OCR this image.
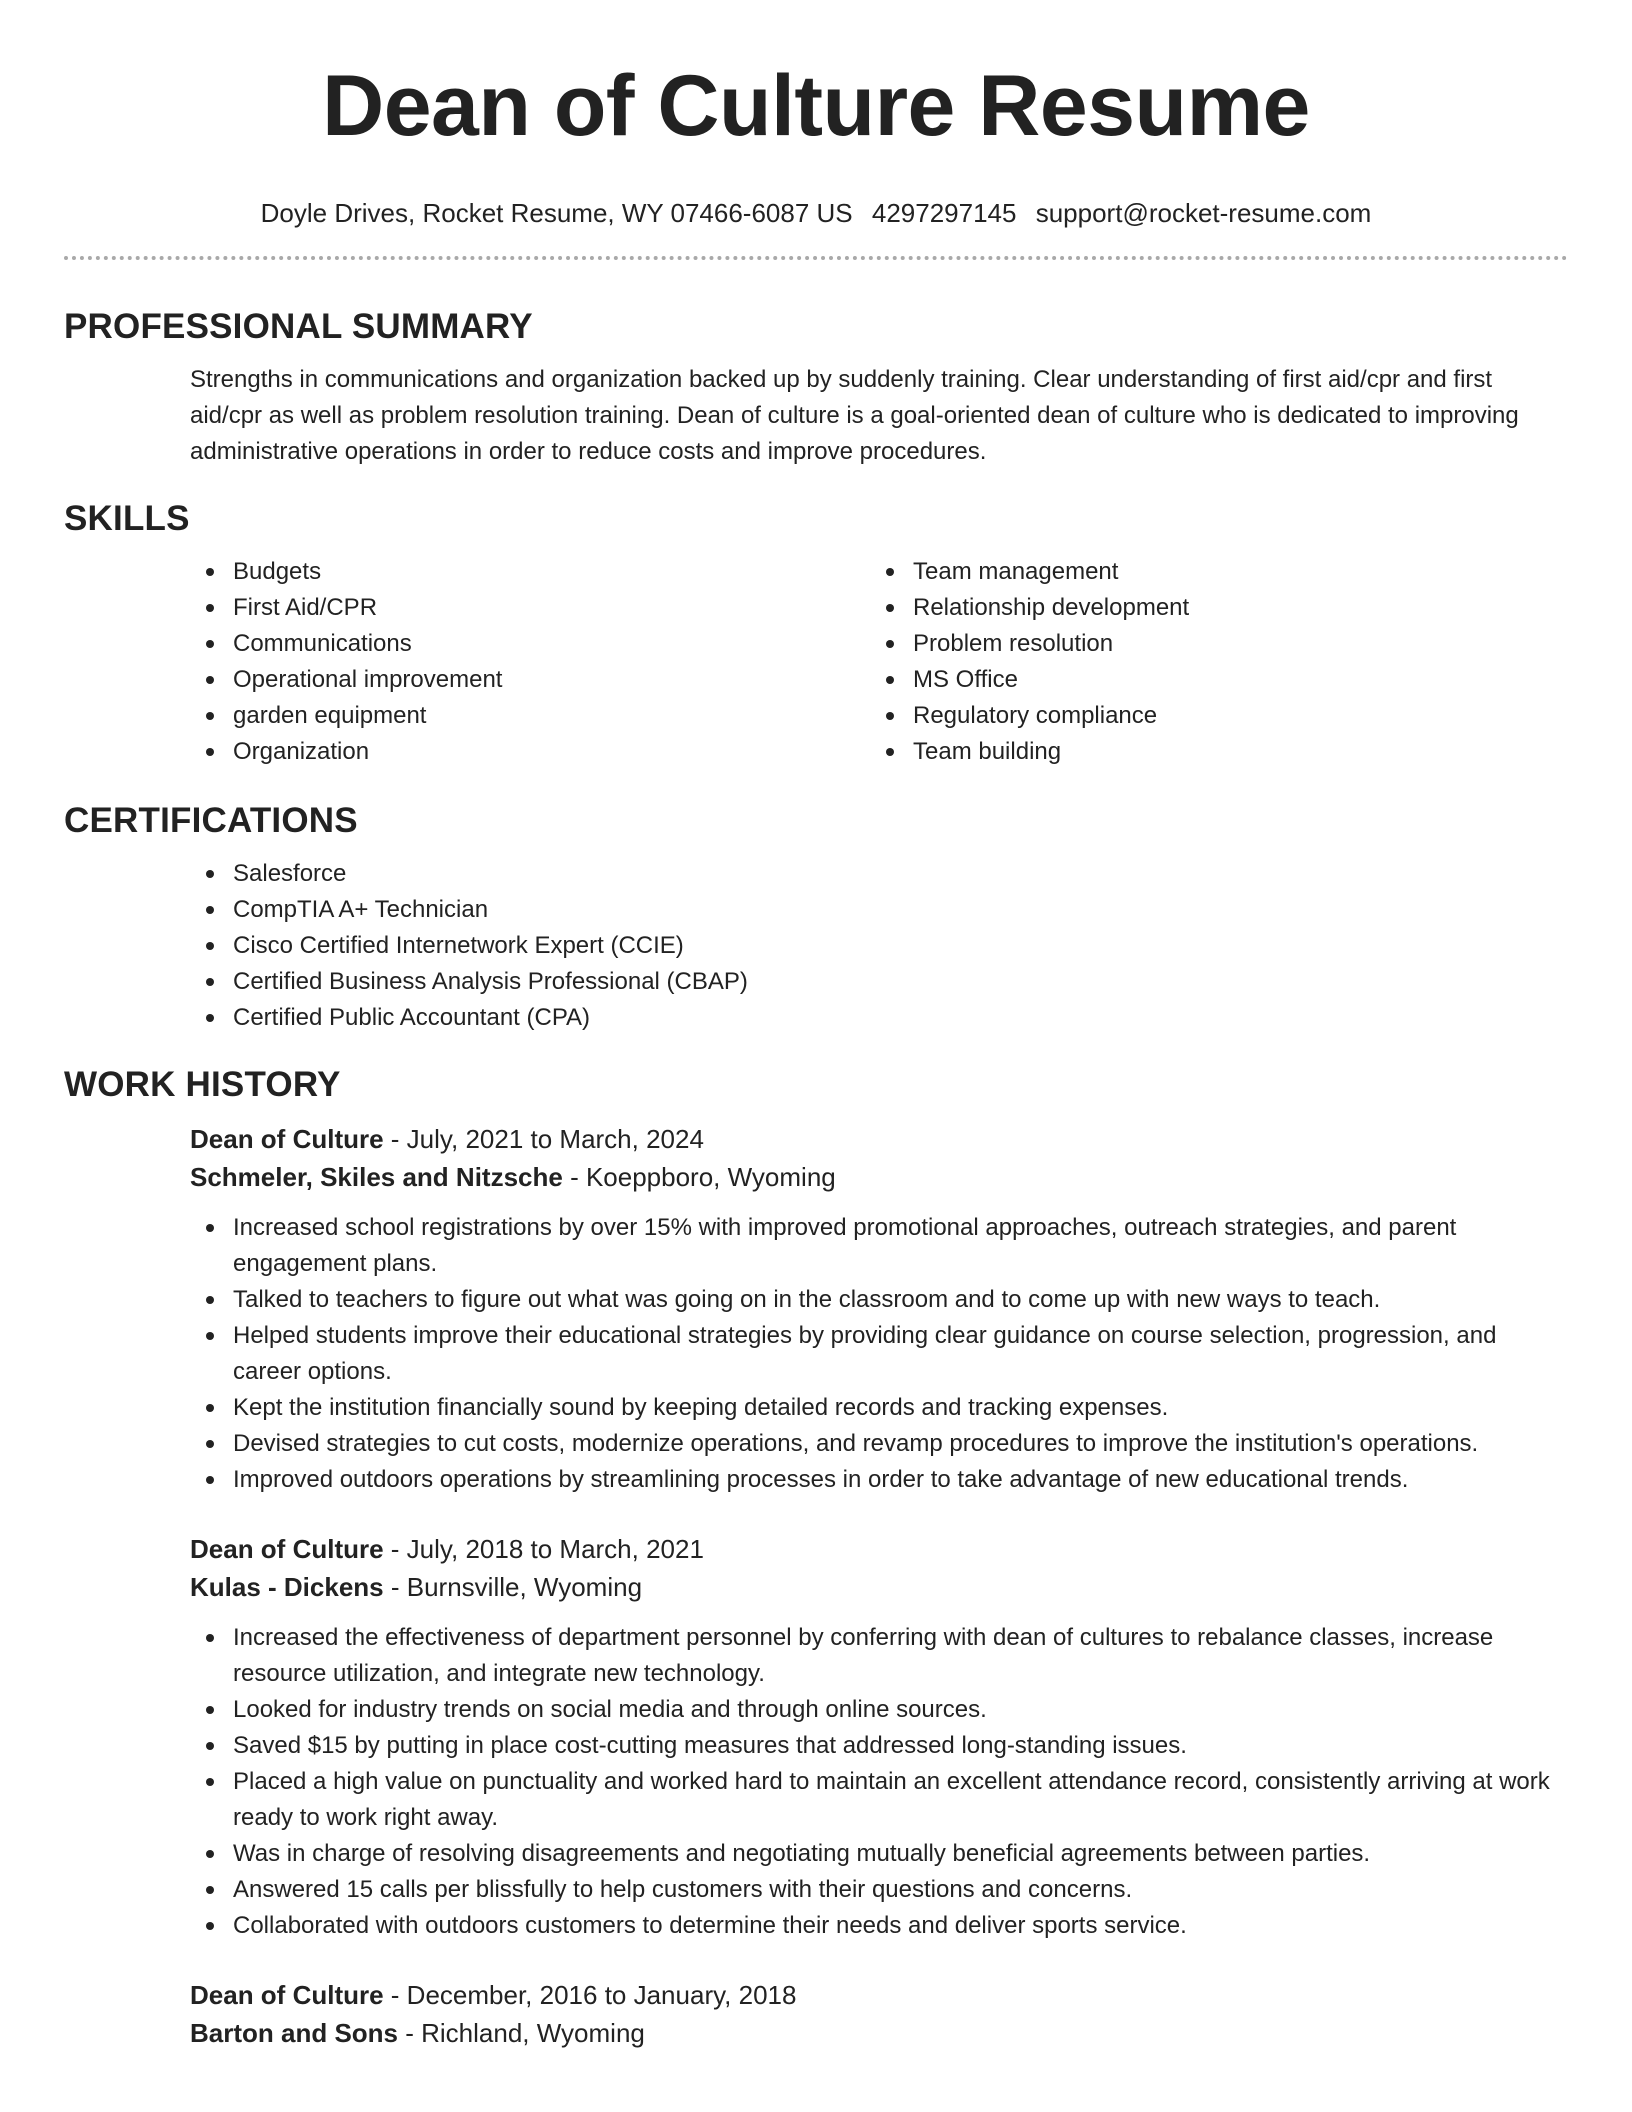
Dean of Culture Resume
Doyle Drives, Rocket Resume, WY 07466-6087 US 4297297145 support@rocket-resume.com
PROFESSIONAL SUMMARY

Strengths in communications and organization backed up by suddenly training. Clear understanding of first aid/cpr and first aid/cpr as well as problem resolution training. Dean of culture is a goal-oriented dean of culture who is dedicated to improving administrative operations in order to reduce costs and improve procedures.

SKILLS
Budgets
First Aid/CPR
Communications
Operational improvement
garden equipment
Organization
Team management
Relationship development
Problem resolution
MS Office
Regulatory compliance
Team building
CERTIFICATIONS
Salesforce
CompTIA A+ Technician
Cisco Certified Internetwork Expert (CCIE)
Certified Business Analysis Professional (CBAP)
Certified Public Accountant (CPA)
WORK HISTORY
Dean of Culture - July, 2021 to March, 2024
Schmeler, Skiles and Nitzsche - Koeppboro, Wyoming
Increased school registrations by over 15% with improved promotional approaches, outreach strategies, and parent engagement plans.
Talked to teachers to figure out what was going on in the classroom and to come up with new ways to teach.
Helped students improve their educational strategies by providing clear guidance on course selection, progression, and career options.
Kept the institution financially sound by keeping detailed records and tracking expenses.
Devised strategies to cut costs, modernize operations, and revamp procedures to improve the institution's operations.
Improved outdoors operations by streamlining processes in order to take advantage of new educational trends.
Dean of Culture - July, 2018 to March, 2021
Kulas - Dickens - Burnsville, Wyoming
Increased the effectiveness of department personnel by conferring with dean of cultures to rebalance classes, increase resource utilization, and integrate new technology.
Looked for industry trends on social media and through online sources.
Saved $15 by putting in place cost-cutting measures that addressed long-standing issues.
Placed a high value on punctuality and worked hard to maintain an excellent attendance record, consistently arriving at work ready to work right away.
Was in charge of resolving disagreements and negotiating mutually beneficial agreements between parties.
Answered 15 calls per blissfully to help customers with their questions and concerns.
Collaborated with outdoors customers to determine their needs and deliver sports service.
Dean of Culture - December, 2016 to January, 2018
Barton and Sons - Richland, Wyoming
